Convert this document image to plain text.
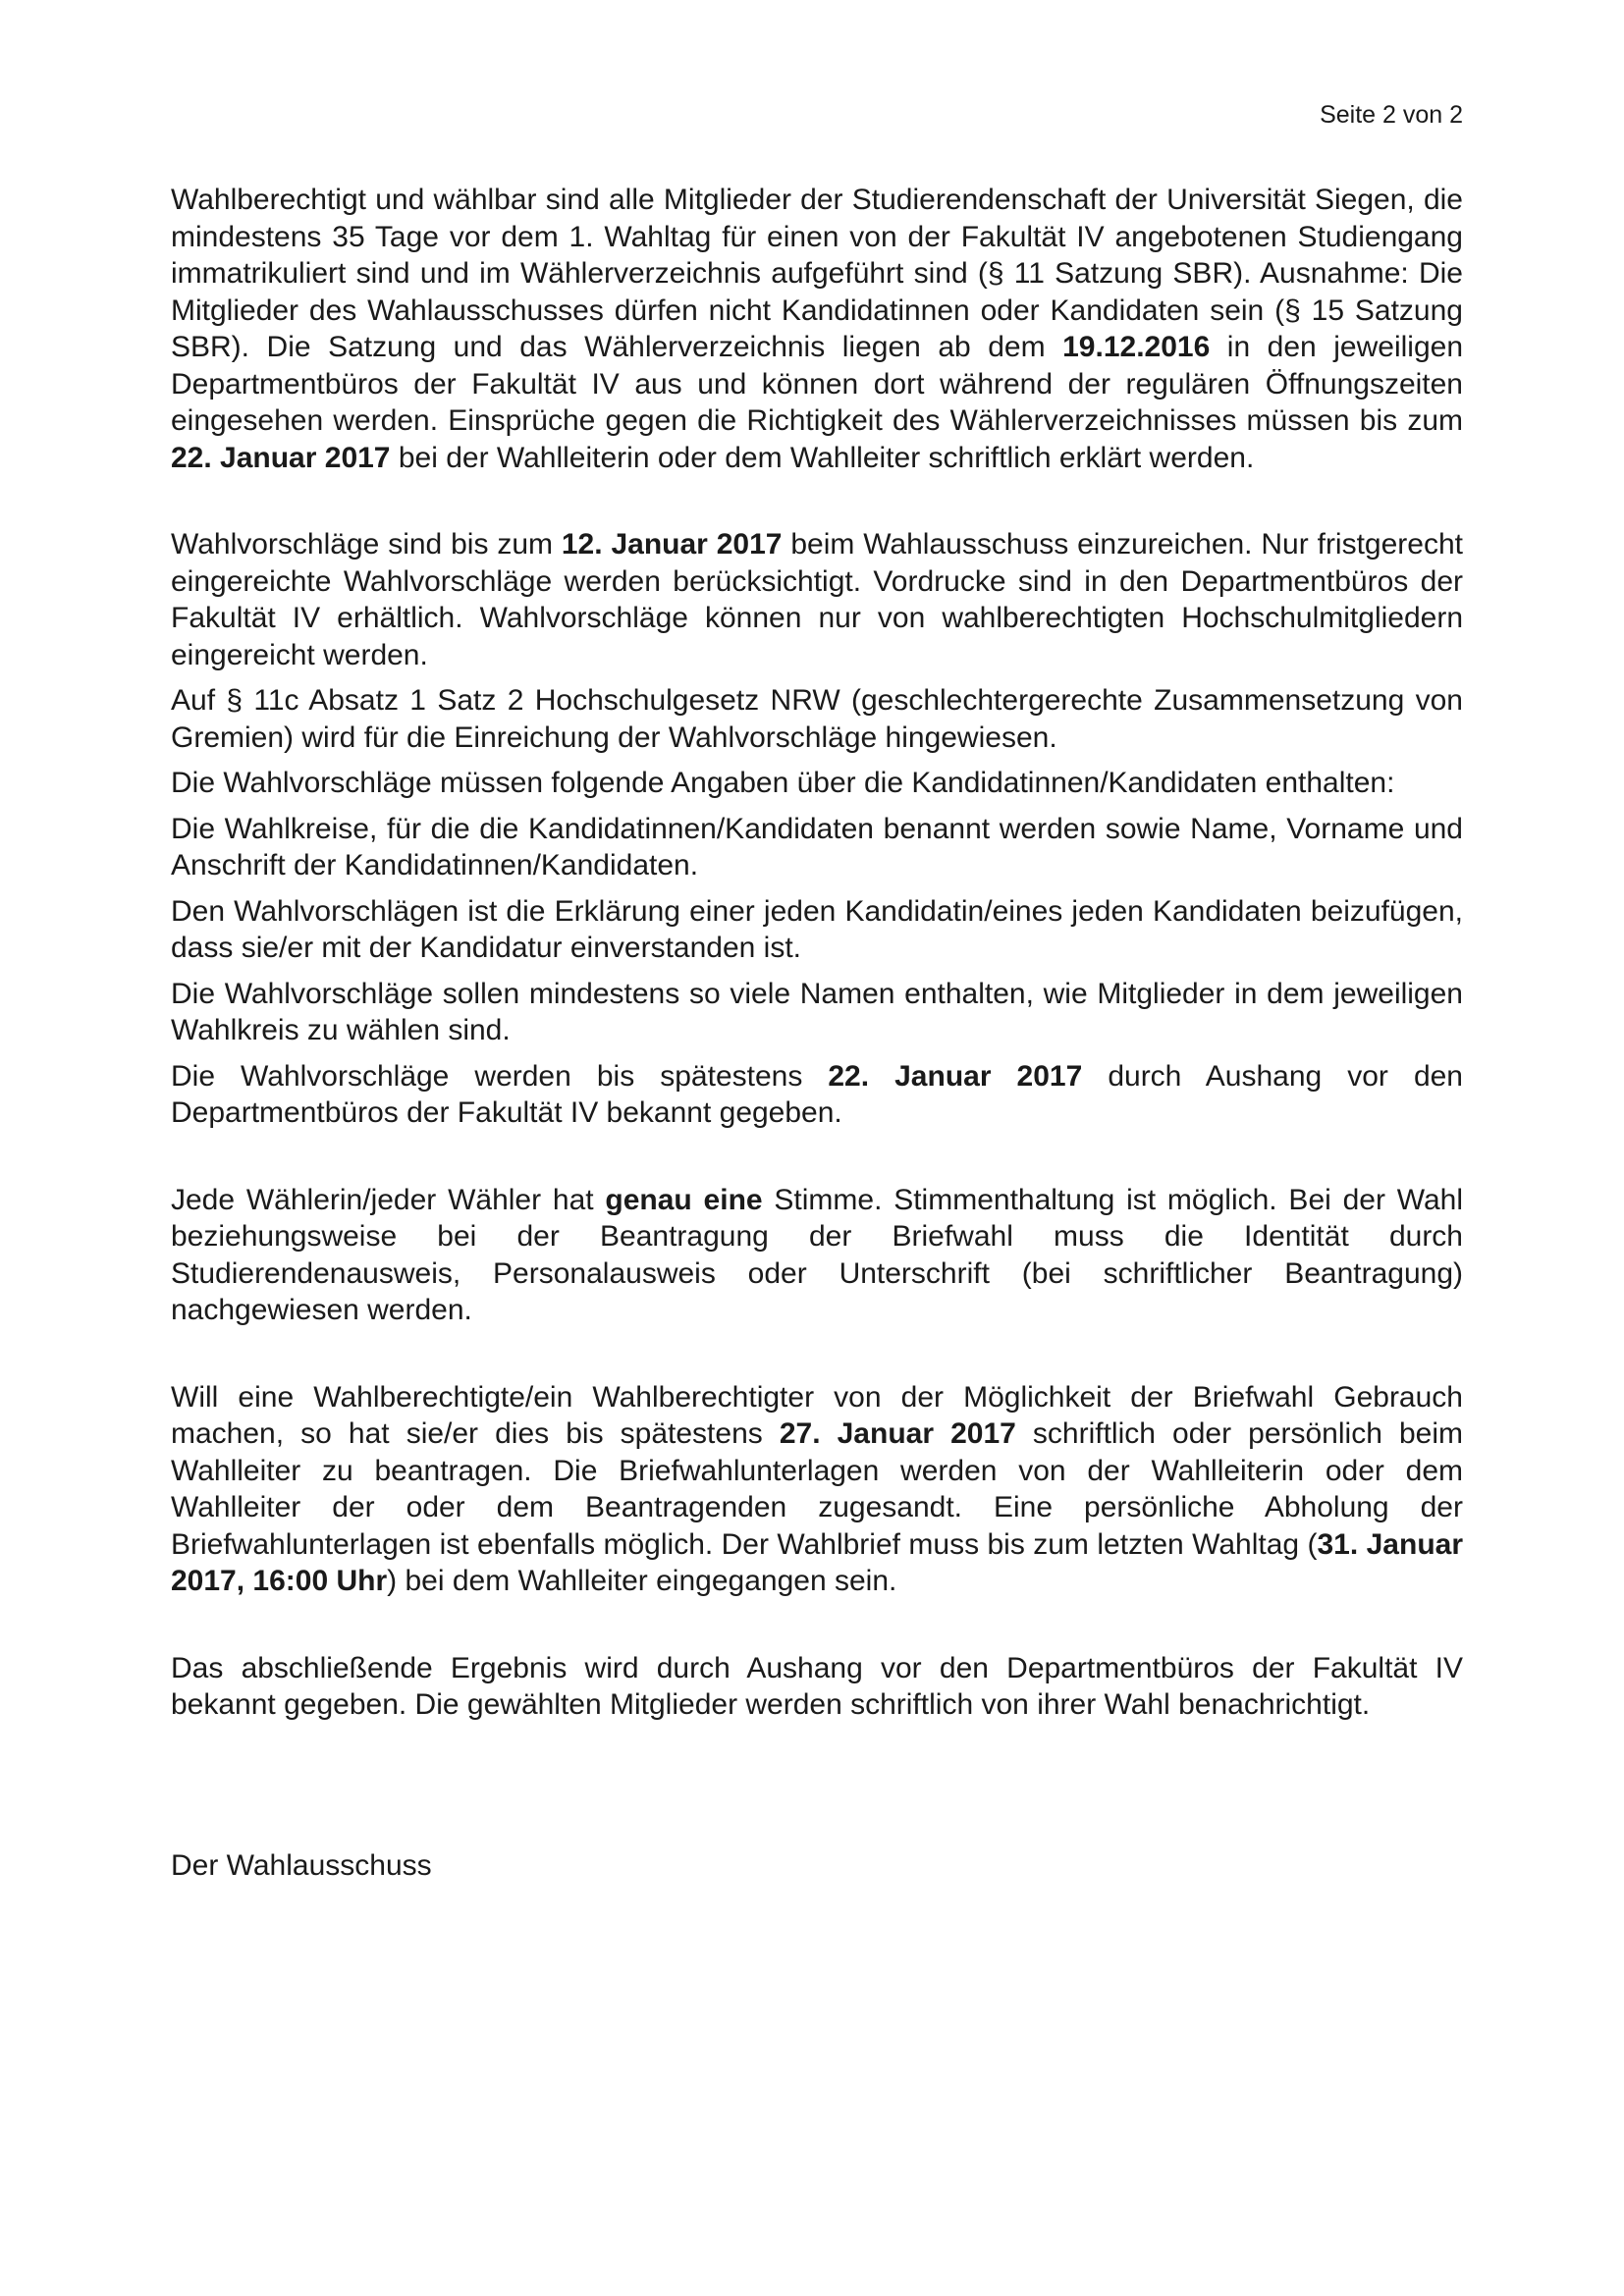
Seite 2 von 2

Wahlberechtigt und wählbar sind alle Mitglieder der Studierendenschaft der Universität Siegen, die mindestens 35 Tage vor dem 1. Wahltag für einen von der Fakultät IV angebotenen Studiengang immatrikuliert sind und im Wählerverzeichnis aufgeführt sind (§ 11 Satzung SBR). Ausnahme: Die Mitglieder des Wahlausschusses dürfen nicht Kandidatinnen oder Kandidaten sein (§ 15 Satzung SBR). Die Satzung und das Wählerverzeichnis liegen ab dem 19.12.2016 in den jeweiligen Departmentbüros der Fakultät IV aus und können dort während der regulären Öffnungszeiten eingesehen werden. Einsprüche gegen die Richtigkeit des Wählerverzeichnisses müssen bis zum 22. Januar 2017 bei der Wahlleiterin oder dem Wahlleiter schriftlich erklärt werden.

Wahlvorschläge sind bis zum 12. Januar 2017 beim Wahlausschuss einzureichen. Nur fristgerecht eingereichte Wahlvorschläge werden berücksichtigt. Vordrucke sind in den Departmentbüros der Fakultät IV erhältlich. Wahlvorschläge können nur von wahlberechtigten Hochschulmitgliedern eingereicht werden.

Auf § 11c Absatz 1 Satz 2 Hochschulgesetz NRW (geschlechtergerechte Zusammensetzung von Gremien) wird für die Einreichung der Wahlvorschläge hingewiesen.

Die Wahlvorschläge müssen folgende Angaben über die Kandidatinnen/Kandidaten enthalten:

Die Wahlkreise, für die die Kandidatinnen/Kandidaten benannt werden sowie Name, Vorname und Anschrift der Kandidatinnen/Kandidaten.

Den Wahlvorschlägen ist die Erklärung einer jeden Kandidatin/eines jeden Kandidaten beizufügen, dass sie/er mit der Kandidatur einverstanden ist.

Die Wahlvorschläge sollen mindestens so viele Namen enthalten, wie Mitglieder in dem jeweiligen Wahlkreis zu wählen sind.

Die Wahlvorschläge werden bis spätestens 22. Januar 2017 durch Aushang vor den Departmentbüros der Fakultät IV bekannt gegeben.

Jede Wählerin/jeder Wähler hat genau eine Stimme. Stimmenthaltung ist möglich. Bei der Wahl beziehungsweise bei der Beantragung der Briefwahl muss die Identität durch Studierendenausweis, Personalausweis oder Unterschrift (bei schriftlicher Beantragung) nachgewiesen werden.

Will eine Wahlberechtigte/ein Wahlberechtigter von der Möglichkeit der Briefwahl Gebrauch machen, so hat sie/er dies bis spätestens 27. Januar 2017 schriftlich oder persönlich beim Wahlleiter zu beantragen. Die Briefwahlunterlagen werden von der Wahlleiterin oder dem Wahlleiter der oder dem Beantragenden zugesandt. Eine persönliche Abholung der Briefwahlunterlagen ist ebenfalls möglich. Der Wahlbrief muss bis zum letzten Wahltag (31. Januar 2017, 16:00 Uhr) bei dem Wahlleiter eingegangen sein.

Das abschließende Ergebnis wird durch Aushang vor den Departmentbüros der Fakultät IV bekannt gegeben. Die gewählten Mitglieder werden schriftlich von ihrer Wahl benachrichtigt.

Der Wahlausschuss
